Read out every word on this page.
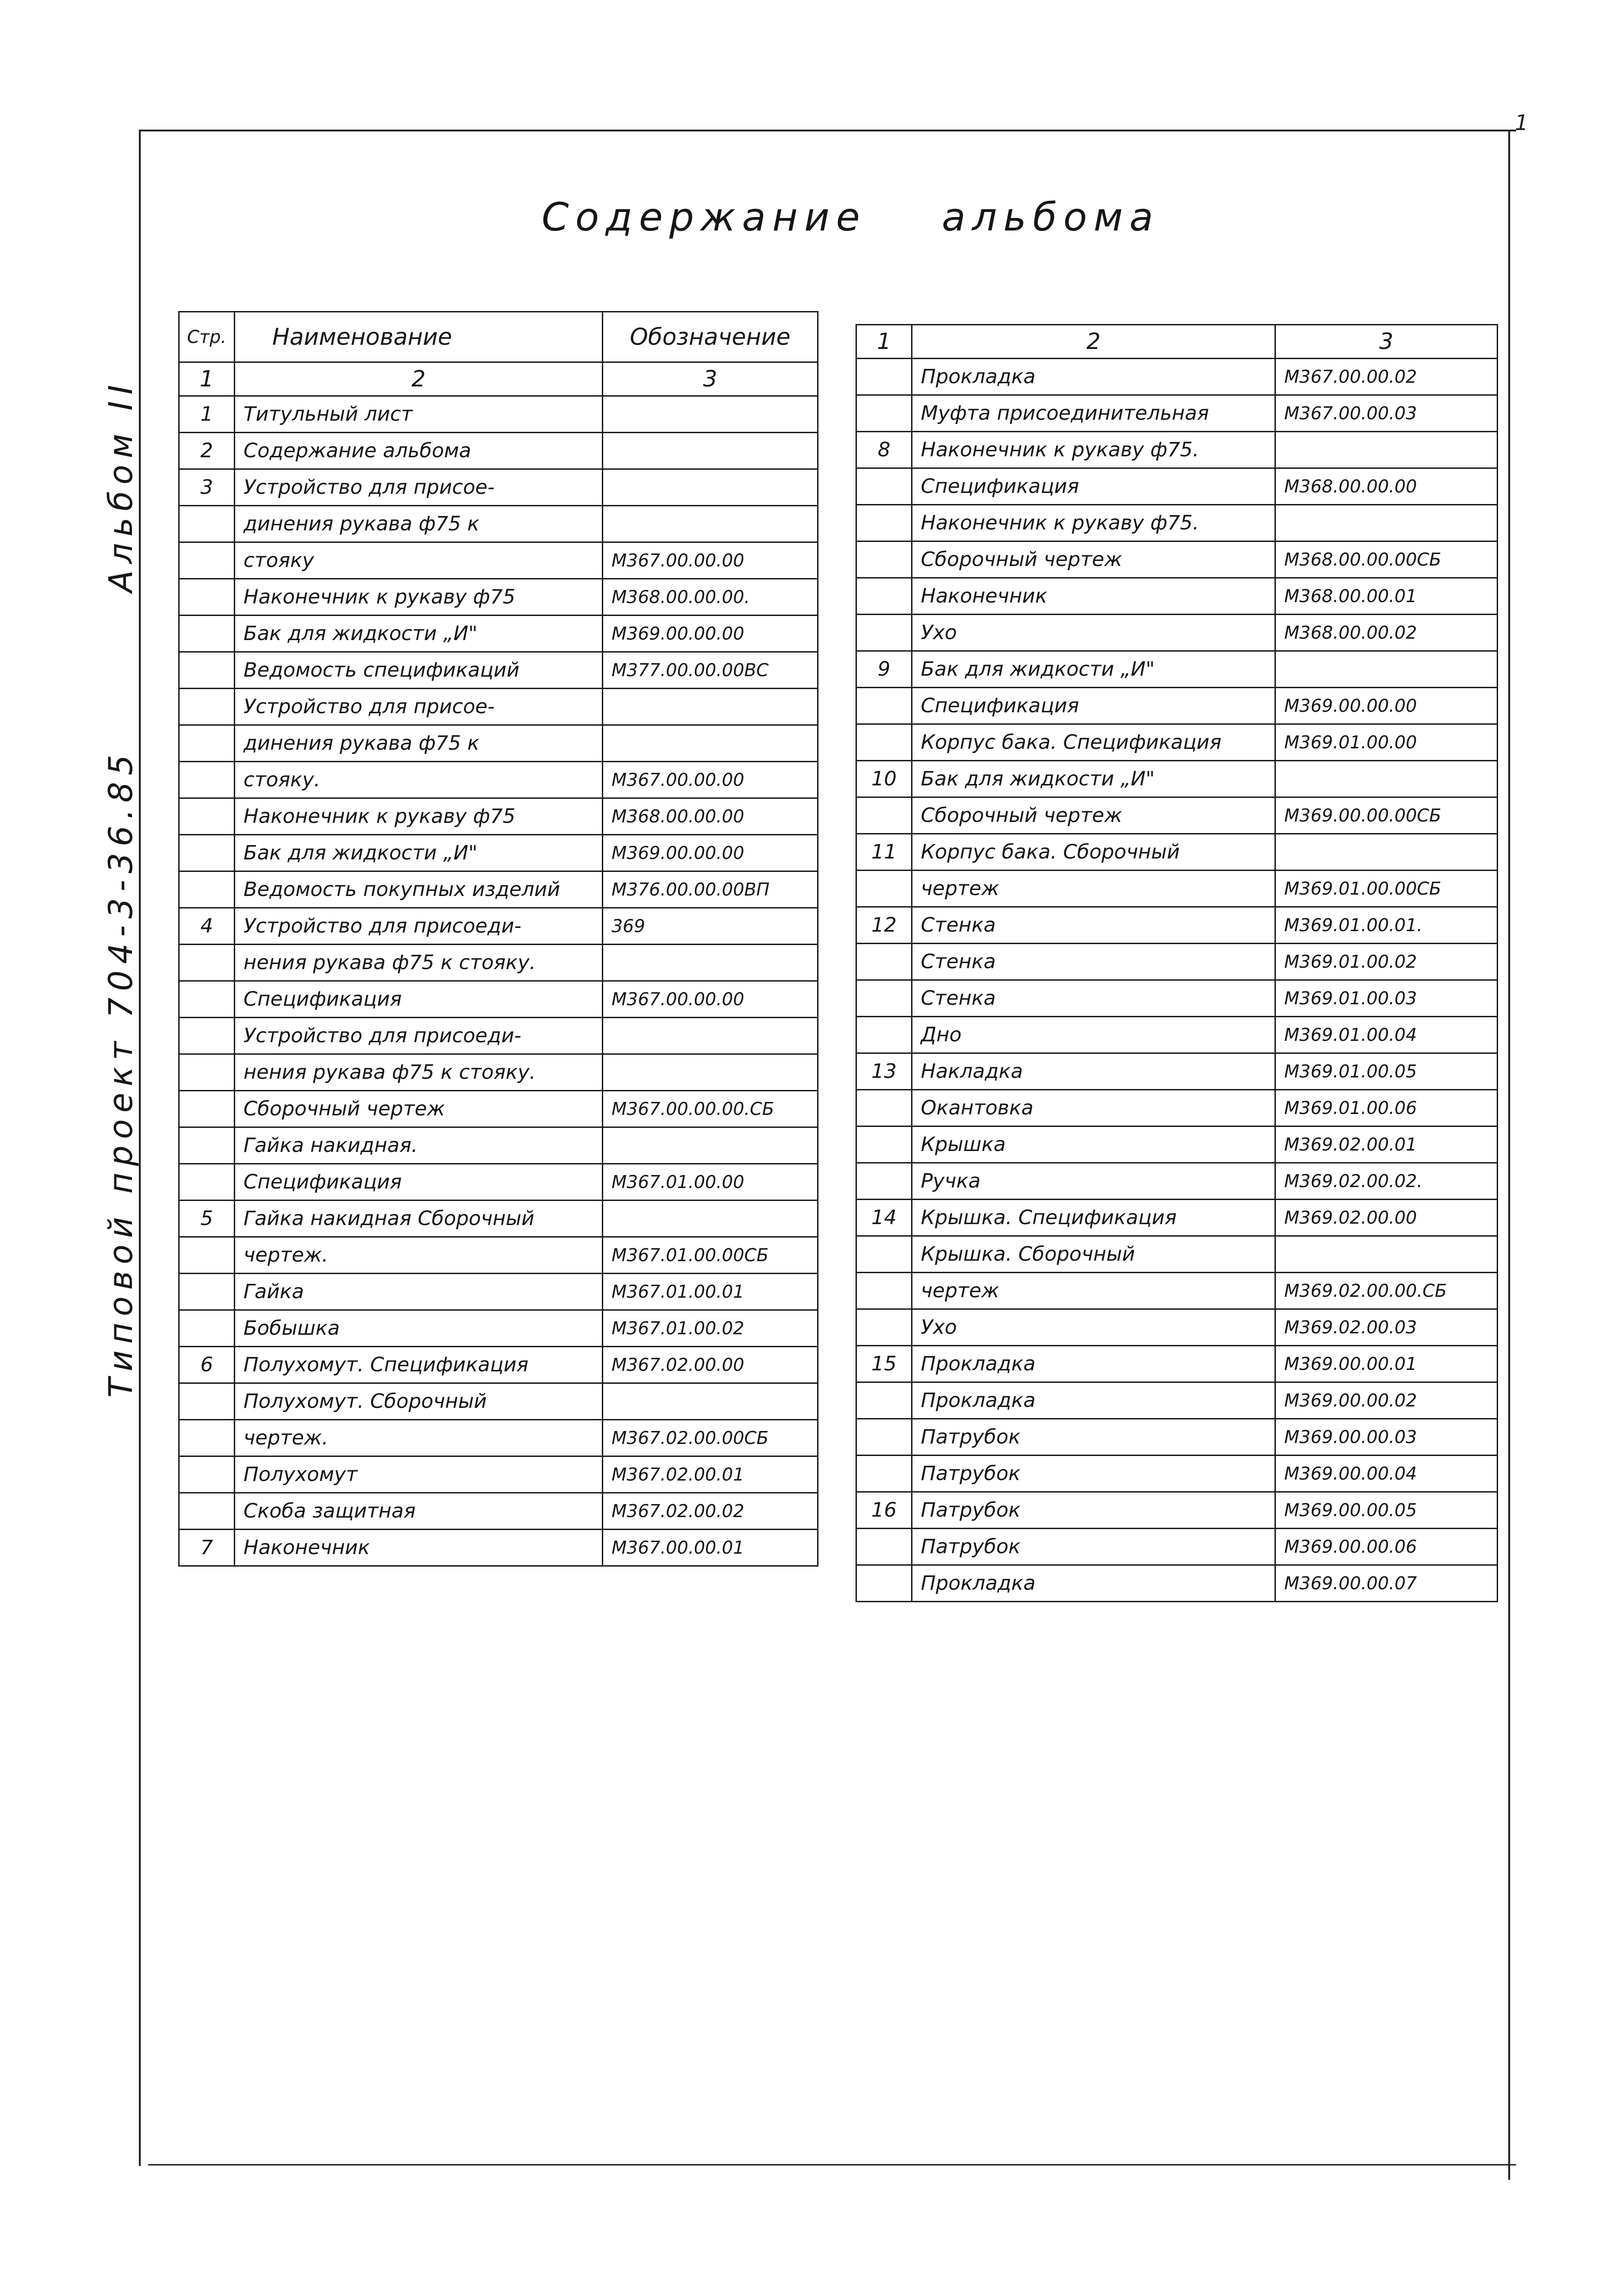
1
Альбом II
Типовой проект 704-3-36.85
Содержание    альбома
Стр.	Наименование	Обозначение
1	2	3
1	Титульный лист	
2	Содержание альбома	
3	Устройство для присое-	
	динения рукава ф75 к	
	стояку	М367.00.00.00
	Наконечник к рукаву ф75	М368.00.00.00.
	Бак для жидкости „И"	М369.00.00.00
	Ведомость спецификаций	М377.00.00.00ВС
	Устройство для присое-	
	динения рукава ф75 к	
	стояку.	М367.00.00.00
	Наконечник к рукаву ф75	М368.00.00.00
	Бак для жидкости „И"	М369.00.00.00
	Ведомость покупных изделий	М376.00.00.00ВП
4	Устройство для присоеди-	369
	нения рукава ф75 к стояку.	
	Спецификация	М367.00.00.00
	Устройство для присоеди-	
	нения рукава ф75 к стояку.	
	Сборочный чертеж	М367.00.00.00.СБ
	Гайка накидная.	
	Спецификация	М367.01.00.00
5	Гайка накидная Сборочный	
	чертеж.	М367.01.00.00СБ
	Гайка	М367.01.00.01
	Бобышка	М367.01.00.02
6	Полухомут. Спецификация	М367.02.00.00
	Полухомут. Сборочный	
	чертеж.	М367.02.00.00СБ
	Полухомут	М367.02.00.01
	Скоба защитная	М367.02.00.02
7	Наконечник	М367.00.00.01
1	2	3
	Прокладка	М367.00.00.02
	Муфта присоединительная	М367.00.00.03
8	Наконечник к рукаву ф75.	
	Спецификация	М368.00.00.00
	Наконечник к рукаву ф75.	
	Сборочный чертеж	М368.00.00.00СБ
	Наконечник	М368.00.00.01
	Ухо	М368.00.00.02
9	Бак для жидкости „И"	
	Спецификация	М369.00.00.00
	Корпус бака. Спецификация	М369.01.00.00
10	Бак для жидкости „И"	
	Сборочный чертеж	М369.00.00.00СБ
11	Корпус бака. Сборочный	
	чертеж	М369.01.00.00СБ
12	Стенка	М369.01.00.01.
	Стенка	М369.01.00.02
	Стенка	М369.01.00.03
	Дно	М369.01.00.04
13	Накладка	М369.01.00.05
	Окантовка	М369.01.00.06
	Крышка	М369.02.00.01
	Ручка	М369.02.00.02.
14	Крышка. Спецификация	М369.02.00.00
	Крышка. Сборочный	
	чертеж	М369.02.00.00.СБ
	Ухо	М369.02.00.03
15	Прокладка	М369.00.00.01
	Прокладка	М369.00.00.02
	Патрубок	М369.00.00.03
	Патрубок	М369.00.00.04
16	Патрубок	М369.00.00.05
	Патрубок	М369.00.00.06
	Прокладка	М369.00.00.07
